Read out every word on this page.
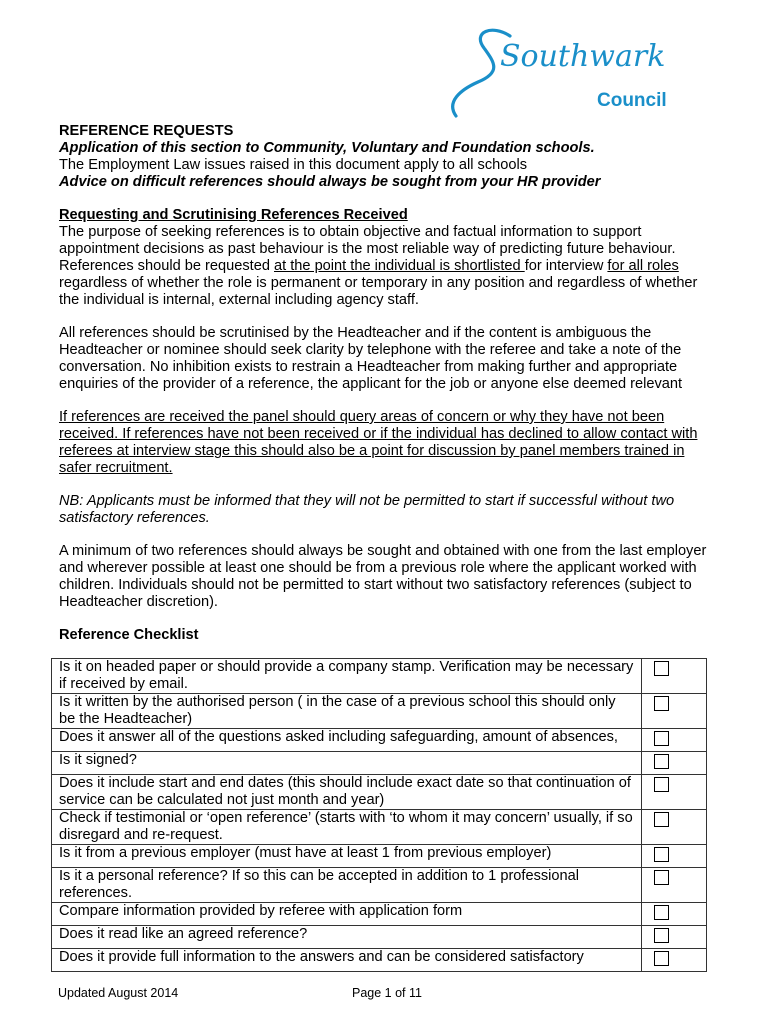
Southwark
Council

REFERENCE REQUESTS

Application of this section to Community, Voluntary and Foundation schools.

The Employment Law issues raised in this document apply to all schools

Advice on difficult references should always be sought from your HR provider

Requesting and Scrutinising References Received

The purpose of seeking references is to obtain objective and factual information to support appointment decisions as past behaviour is the most reliable way of predicting future behaviour. References should be requested at the point the individual is shortlisted for interview for all roles regardless of whether the role is permanent or temporary in any position and regardless of whether the individual is internal, external including agency staff.

All references should be scrutinised by the Headteacher and if the content is ambiguous the Headteacher or nominee should seek clarity by telephone with the referee and take a note of the conversation. No inhibition exists to restrain a Headteacher from making further and appropriate enquiries of the provider of a reference, the applicant for the job or anyone else deemed relevant

If references are received the panel should query areas of concern or why they have not been received. If references have not been received or if the individual has declined to allow contact with referees at interview stage this should also be a point for discussion by panel members trained in safer recruitment.

NB: Applicants must be informed that they will not be permitted to start if successful without two satisfactory references.

A minimum of two references should always be sought and obtained with one from the last employer and wherever possible at least one should be from a previous role where the applicant worked with children. Individuals should not be permitted to start without two satisfactory references (subject to Headteacher discretion).

Reference Checklist

Is it on headed paper or should provide a company stamp. Verification may be necessary if received by email.	
Is it written by the authorised person ( in the case of a previous school this should only be the Headteacher)	
Does it answer all of the questions asked including safeguarding, amount of absences,	
Is it signed?	
Does it include start and end dates (this should include exact date so that continuation of service can be calculated not just month and year)	
Check if testimonial or ‘open reference’ (starts with ‘to whom it may concern’ usually, if so disregard and re-request.	
Is it from a previous employer (must have at least 1 from previous employer)	
Is it a personal reference? If so this can be accepted in addition to 1 professional references.	
Compare information provided by referee with application form	
Does it read like an agreed reference?	
Does it provide full information to the answers and can be considered satisfactory	
Updated August 2014	Page 1 of 11
